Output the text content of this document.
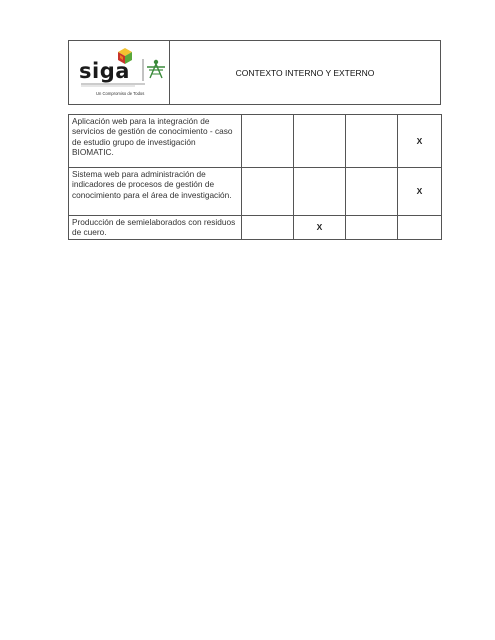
siga
Un Compromiso de Todos
CONTEXTO INTERNO Y EXTERNO
Aplicación web para la integración de servicios de gestión de conocimiento - caso de estudio grupo de investigación BIOMATIC.				X
Sistema web para administración de indicadores de procesos de gestión de conocimiento para el área de investigación.				X
Producción de semielaborados con residuos de cuero.		X		
